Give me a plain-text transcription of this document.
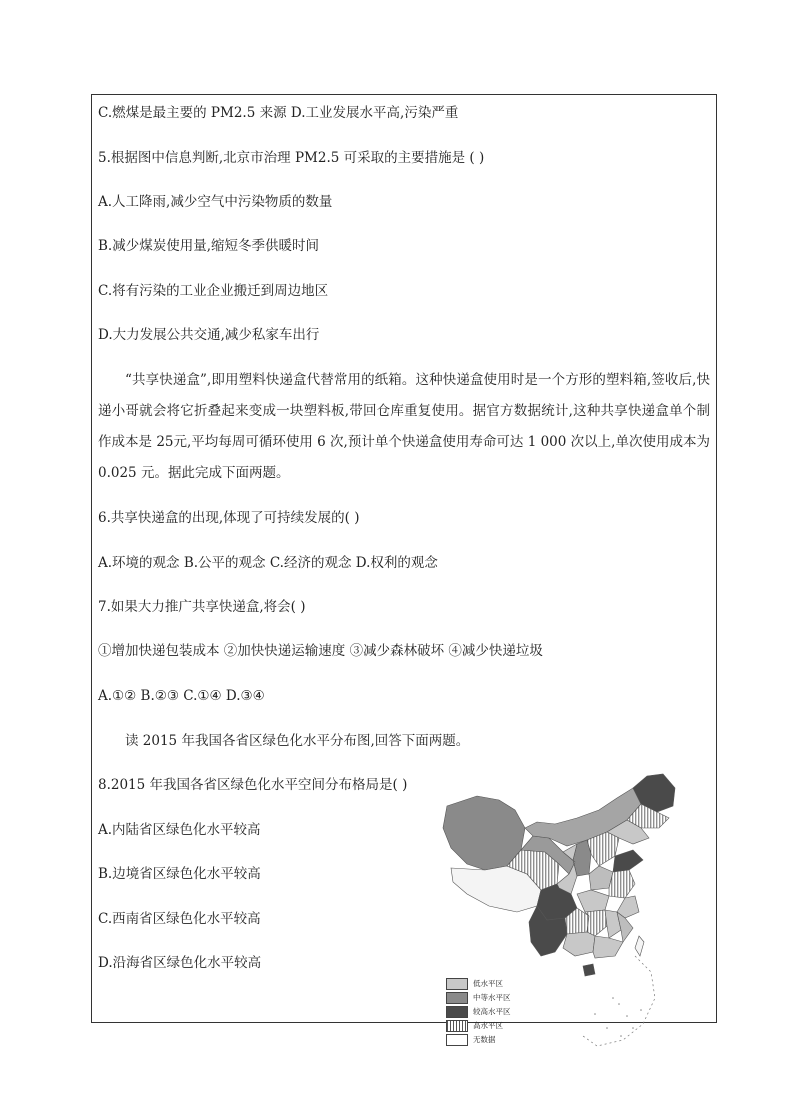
C.燃煤是最主要的 PM2.5 来源 D.工业发展水平高,污染严重
5.根据图中信息判断,北京市治理 PM2.5 可采取的主要措施是 ( )
A.人工降雨,减少空气中污染物质的数量
B.减少煤炭使用量,缩短冬季供暖时间
C.将有污染的工业企业搬迁到周边地区
D.大力发展公共交通,减少私家车出行
“共享快递盒”,即用塑料快递盒代替常用的纸箱。这种快递盒使用时是一个方形的塑料箱,签收后,快递小哥就会将它折叠起来变成一块塑料板,带回仓库重复使用。据官方数据统计,这种共享快递盒单个制作成本是 25元,平均每周可循环使用 6 次,预计单个快递盒使用寿命可达 1 000 次以上,单次使用成本为 0.025 元。据此完成下面两题。
6.共享快递盒的出现,体现了可持续发展的( )
A.环境的观念 B.公平的观念 C.经济的观念 D.权利的观念
7.如果大力推广共享快递盒,将会( )
①增加快递包装成本 ②加快快递运输速度 ③减少森林破坏 ④减少快递垃圾
A.①② B.②③ C.①④ D.③④
读 2015 年我国各省区绿色化水平分布图,回答下面两题。
8.2015 年我国各省区绿色化水平空间分布格局是( )
A.内陆省区绿色化水平较高
B.边境省区绿色化水平较高
C.西南省区绿色化水平较高
D.沿海省区绿色化水平较高
低水平区
中等水平区
较高水平区
高水平区
无数据
